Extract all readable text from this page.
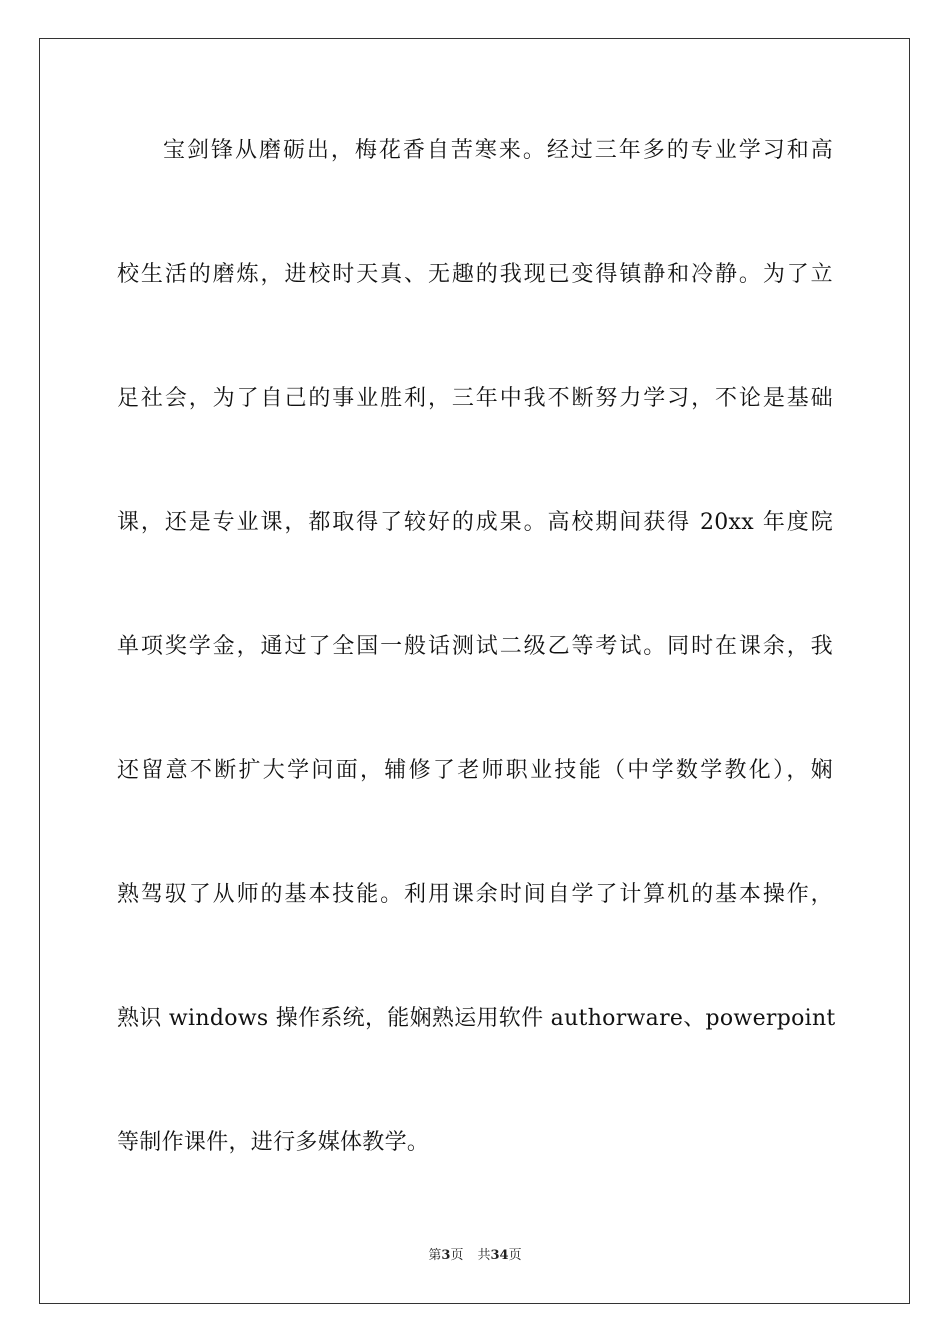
宝剑锋从磨砺出，梅花香自苦寒来。经过三年多的专业学习和高
校生活的磨炼，进校时天真、无趣的我现已变得镇静和冷静。为了立
足社会，为了自己的事业胜利，三年中我不断努力学习，不论是基础
课，还是专业课，都取得了较好的成果。高校期间获得 20xx 年度院
单项奖学金，通过了全国一般话测试二级乙等考试。同时在课余，我
还留意不断扩大学问面，辅修了老师职业技能（中学数学教化），娴
熟驾驭了从师的基本技能。利用课余时间自学了计算机的基本操作，
熟识 windows 操作系统，能娴熟运用软件 authorware、powerpoint
等制作课件，进行多媒体教学。
第3页 共34页
